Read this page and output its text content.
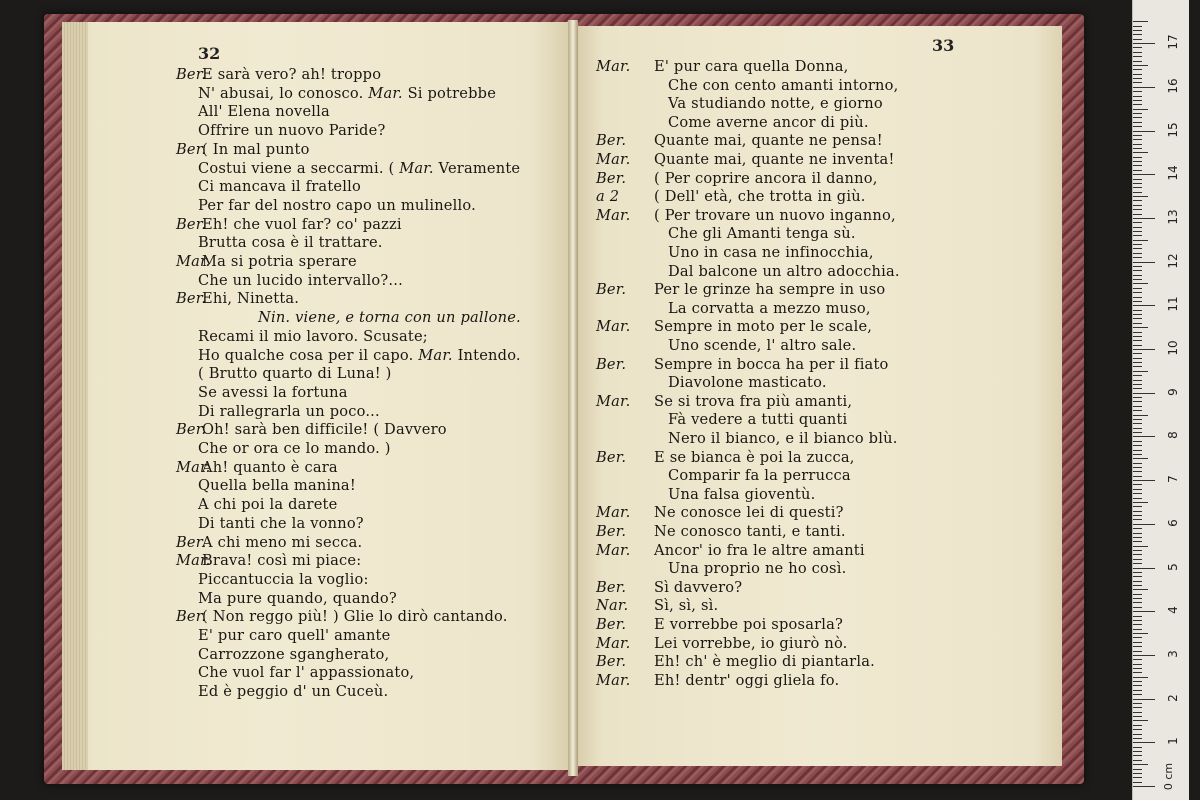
32
Ber.E sarà vero? ah! troppo
N' abusai, lo conosco. Mar. Si potrebbe
All' Elena novella
Offrire un nuovo Paride?
Ber.( In mal punto
Costui viene a seccarmi. ( Mar. Veramente
Ci mancava il fratello
Per far del nostro capo un mulinello.
Ber.Eh! che vuol far? co' pazzi
Brutta cosa è il trattare.
Mar.Ma si potria sperare
Che un lucido intervallo?...
Ber.Ehi, Ninetta.
Nin. viene, e torna con un pallone.
Recami il mio lavoro. Scusate;
Ho qualche cosa per il capo. Mar. Intendo.
( Brutto quarto di Luna! )
Se avessi la fortuna
Di rallegrarla un poco...
Ber.Oh! sarà ben difficile! ( Davvero
Che or ora ce lo mando. )
Mar.Ah! quanto è cara
Quella bella manina!
A chi poi la darete
Di tanti che la vonno?
Ber.A chi meno mi secca.
Mar.Brava! così mi piace:
Piccantuccia la voglio:
Ma pure quando, quando?
Ber.( Non reggo più! ) Glie lo dirò cantando.
E' pur caro quell' amante
Carrozzone sgangherato,
Che vuol far l' appassionato,
Ed è peggio d' un Cuceù.
33
Mar. E' pur cara quella Donna,
Che con cento amanti intorno,
Va studiando notte, e giorno
Come averne ancor di più.
Ber. Quante mai, quante ne pensa!
Mar. Quante mai, quante ne inventa!
Ber. ( Per coprire ancora il danno,
a 2 ( Dell' età, che trotta in giù.
Mar. ( Per trovare un nuovo inganno,
Che gli Amanti tenga sù.
Uno in casa ne infinocchia,
Dal balcone un altro adocchia.
Ber. Per le grinze ha sempre in uso
La corvatta a mezzo muso,
Mar. Sempre in moto per le scale,
Uno scende, l' altro sale.
Ber. Sempre in bocca ha per il fiato
Diavolone masticato.
Mar. Se si trova fra più amanti,
Fà vedere a tutti quanti
Nero il bianco, e il bianco blù.
Ber. E se bianca è poi la zucca,
Comparir fa la perrucca
Una falsa gioventù.
Mar. Ne conosce lei di questi?
Ber. Ne conosco tanti, e tanti.
Mar. Ancor' io fra le altre amanti
Una proprio ne ho così.
Ber. Sì davvero?
Nar. Sì, sì, sì.
Ber. E vorrebbe poi sposarla?
Mar. Lei vorrebbe, io giurò nò.
Ber. Eh! ch' è meglio di piantarla.
Mar. Eh! dentr' oggi gliela fo.
0 cm
1
2
3
4
5
6
7
8
9
10
11
12
13
14
15
16
17
